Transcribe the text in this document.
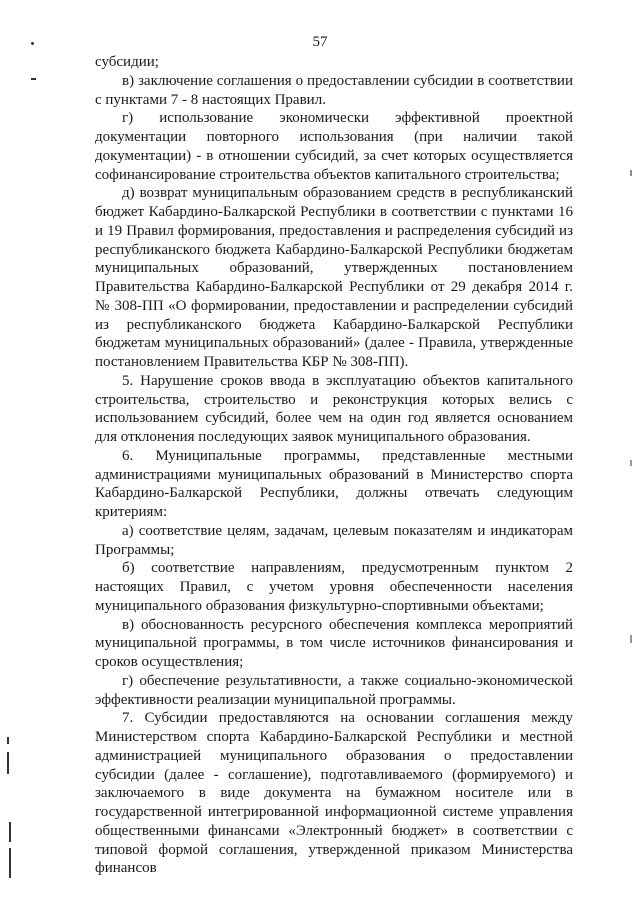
57

субсидии;

в) заключение соглашения о предоставлении субсидии в соответствии с пунктами 7 - 8 настоящих Правил.

г) использование экономически эффективной проектной документации повторного использования (при наличии такой документации) - в отношении субсидий, за счет которых осуществляется софинансирование строительства объектов капитального строительства;

д) возврат муниципальным образованием средств в республиканский бюджет Кабардино-Балкарской Республики в соответствии с пунктами 16 и 19 Правил формирования, предоставления и распределения субсидий из республиканского бюджета Кабардино-Балкарской Республики бюджетам муниципальных образований, утвержденных постановлением Правительства Кабардино-Балкарской Республики от 29 декабря 2014 г. № 308-ПП «О формировании, предоставлении и распределении субсидий из республиканского бюджета Кабардино-Балкарской Республики бюджетам муниципальных образований» (далее - Правила, утвержденные постановлением Правительства КБР № 308-ПП).

5. Нарушение сроков ввода в эксплуатацию объектов капитального строительства, строительство и реконструкция которых велись с использованием субсидий, более чем на один год является основанием для отклонения последующих заявок муниципального образования.

6. Муниципальные программы, представленные местными администрациями муниципальных образований в Министерство спорта Кабардино-Балкарской Республики, должны отвечать следующим критериям:

а) соответствие целям, задачам, целевым показателям и индикаторам Программы;

б) соответствие направлениям, предусмотренным пунктом 2 настоящих Правил, с учетом уровня обеспеченности населения муниципального образования физкультурно-спортивными объектами;

в) обоснованность ресурсного обеспечения комплекса мероприятий муниципальной программы, в том числе источников финансирования и сроков осуществления;

г) обеспечение результативности, а также социально-экономической эффективности реализации муниципальной программы.

7. Субсидии предоставляются на основании соглашения между Министерством спорта Кабардино-Балкарской Республики и местной администрацией муниципального образования о предоставлении субсидии (далее - соглашение), подготавливаемого (формируемого) и заключаемого в виде документа на бумажном носителе или в государственной интегрированной информационной системе управления общественными финансами «Электронный бюджет» в соответствии с типовой формой соглашения, утвержденной приказом Министерства финансов
